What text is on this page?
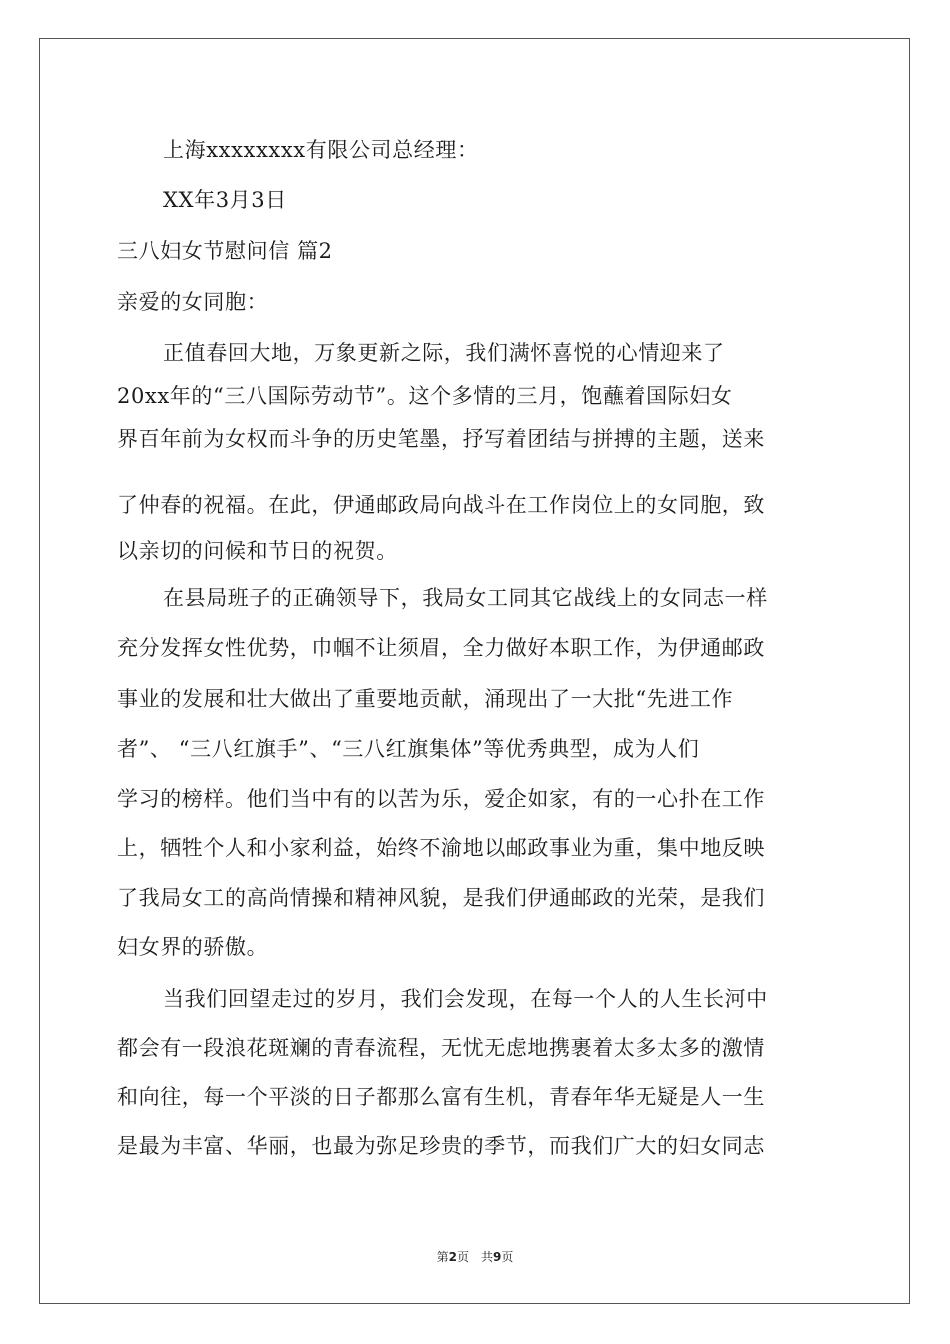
上海xxxxxxxx有限公司总经理：
XX年3月3日
三八妇女节慰问信 篇2
亲爱的女同胞：
正值春回大地，万象更新之际，我们满怀喜悦的心情迎来了
20xx年的“三八国际劳动节”。这个多情的三月，饱蘸着国际妇女
界百年前为女权而斗争的历史笔墨，抒写着团结与拼搏的主题，送来
了仲春的祝福。在此，伊通邮政局向战斗在工作岗位上的女同胞，致
以亲切的问候和节日的祝贺。
在县局班子的正确领导下，我局女工同其它战线上的女同志一样
充分发挥女性优势，巾帼不让须眉，全力做好本职工作，为伊通邮政
事业的发展和壮大做出了重要地贡献，涌现出了一大批“先进工作
者”、 “三八红旗手”、“三八红旗集体”等优秀典型，成为人们
学习的榜样。他们当中有的以苦为乐，爱企如家，有的一心扑在工作
上，牺牲个人和小家利益，始终不渝地以邮政事业为重，集中地反映
了我局女工的高尚情操和精神风貌，是我们伊通邮政的光荣，是我们
妇女界的骄傲。
当我们回望走过的岁月，我们会发现，在每一个人的人生长河中
都会有一段浪花斑斓的青春流程，无忧无虑地携裹着太多太多的激情
和向往，每一个平淡的日子都那么富有生机，青春年华无疑是人一生
是最为丰富、华丽，也最为弥足珍贵的季节，而我们广大的妇女同志
第2页　共9页
